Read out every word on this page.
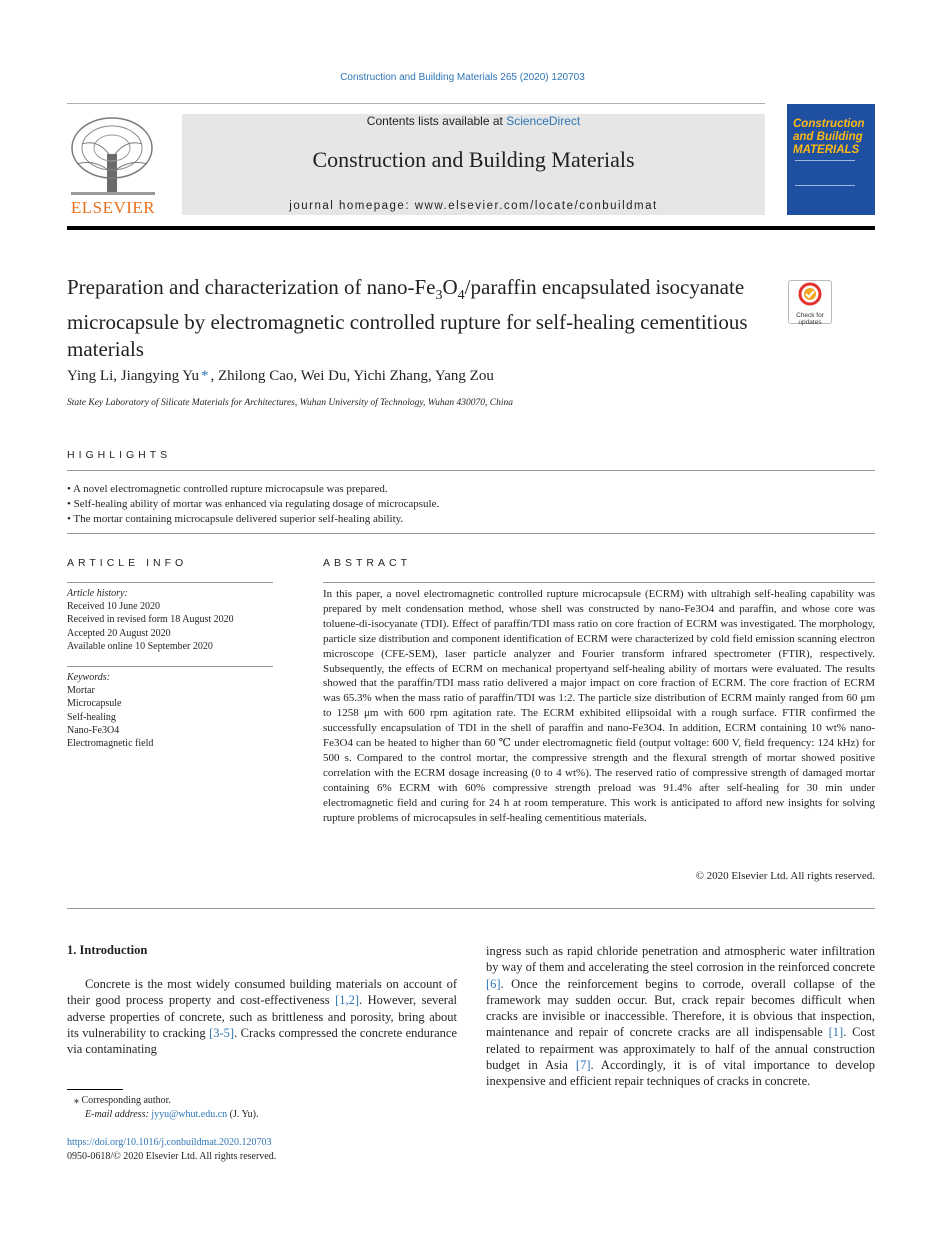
Construction and Building Materials 265 (2020) 120703
ELSEVIER
Contents lists available at ScienceDirect
Construction and Building Materials
journal homepage: www.elsevier.com/locate/conbuildmat
Construction
and Building
MATERIALS
Preparation and characterization of nano-$Fe_3O_4$/paraffin encapsulated isocyanate microcapsule by electromagnetic controlled rupture for self-healing cementitious materials
Check for
updates
Ying Li, Jiangying Yu * , Zhilong Cao, Wei Du, Yichi Zhang, Yang Zou
State Key Laboratory of Silicate Materials for Architectures, Wuhan University of Technology, Wuhan 430070, China
HIGHLIGHTS
• A novel electromagnetic controlled rupture microcapsule was prepared.
• Self-healing ability of mortar was enhanced via regulating dosage of microcapsule.
• The mortar containing microcapsule delivered superior self-healing ability.
ARTICLE INFO
Article history:
Received 10 June 2020
Received in revised form 18 August 2020
Accepted 20 August 2020
Available online 10 September 2020
Keywords:
Mortar
Microcapsule
Self-healing
Nano-Fe3O4
Electromagnetic field
ABSTRACT
In this paper, a novel electromagnetic controlled rupture microcapsule (ECRM) with ultrahigh self-healing capability was prepared by melt condensation method, whose shell was constructed by nano-Fe3O4 and paraffin, and whose core was toluene-di-isocyanate (TDI). Effect of paraffin/TDI mass ratio on core fraction of ECRM was investigated. The morphology, particle size distribution and component identification of ECRM were characterized by cold field emission scanning electron microscope (CFE-SEM), laser particle analyzer and Fourier transform infrared spectrometer (FTIR), respectively. Subsequently, the effects of ECRM on mechanical propertyand self-healing ability of mortars were evaluated. The results showed that the paraffin/TDI mass ratio delivered a major impact on core fraction of ECRM. The core fraction of ECRM was 65.3% when the mass ratio of paraffin/TDI was 1:2. The particle size distribution of ECRM mainly ranged from 60 μm to 1258 μm with 600 rpm agitation rate. The ECRM exhibited ellipsoidal with a rough surface. FTIR confirmed the successfully encapsulation of TDI in the shell of paraffin and nano-Fe3O4. In addition, ECRM containing 10 wt% nano-Fe3O4 can be heated to higher than 60 ℃ under electromagnetic field (output voltage: 600 V, field frequency: 124 kHz) for 500 s. Compared to the control mortar, the compressive strength and the flexural strength of mortar showed positive correlation with the ECRM dosage increasing (0 to 4 wt%). The reserved ratio of compressive strength of damaged mortar containing 6% ECRM with 60% compressive strength preload was 91.4% after self-healing for 30 min under electromagnetic field and curing for 24 h at room temperature. This work is anticipated to afford new insights for solving rupture problems of microcapsules in self-healing cementitious materials.
© 2020 Elsevier Ltd. All rights reserved.
1. Introduction
Concrete is the most widely consumed building materials on account of their good process property and cost-effectiveness [1,2]. However, several adverse properties of concrete, such as brittleness and porosity, bring about its vulnerability to cracking [3-5]. Cracks compressed the concrete endurance via contaminating
ingress such as rapid chloride penetration and atmospheric water infiltration by way of them and accelerating the steel corrosion in the reinforced concrete [6]. Once the reinforcement begins to corrode, overall collapse of the framework may sudden occur. But, crack repair becomes difficult when cracks are invisible or inaccessible. Therefore, it is obvious that inspection, maintenance and repair of concrete cracks are all indispensable [1]. Cost related to repairment was approximately to half of the annual construction budget in Asia [7]. Accordingly, it is of vital importance to develop inexpensive and efficient repair techniques of cracks in concrete.
⁎ Corresponding author.
E-mail address: jyyu@whut.edu.cn (J. Yu).
https://doi.org/10.1016/j.conbuildmat.2020.120703
0950-0618/© 2020 Elsevier Ltd. All rights reserved.
